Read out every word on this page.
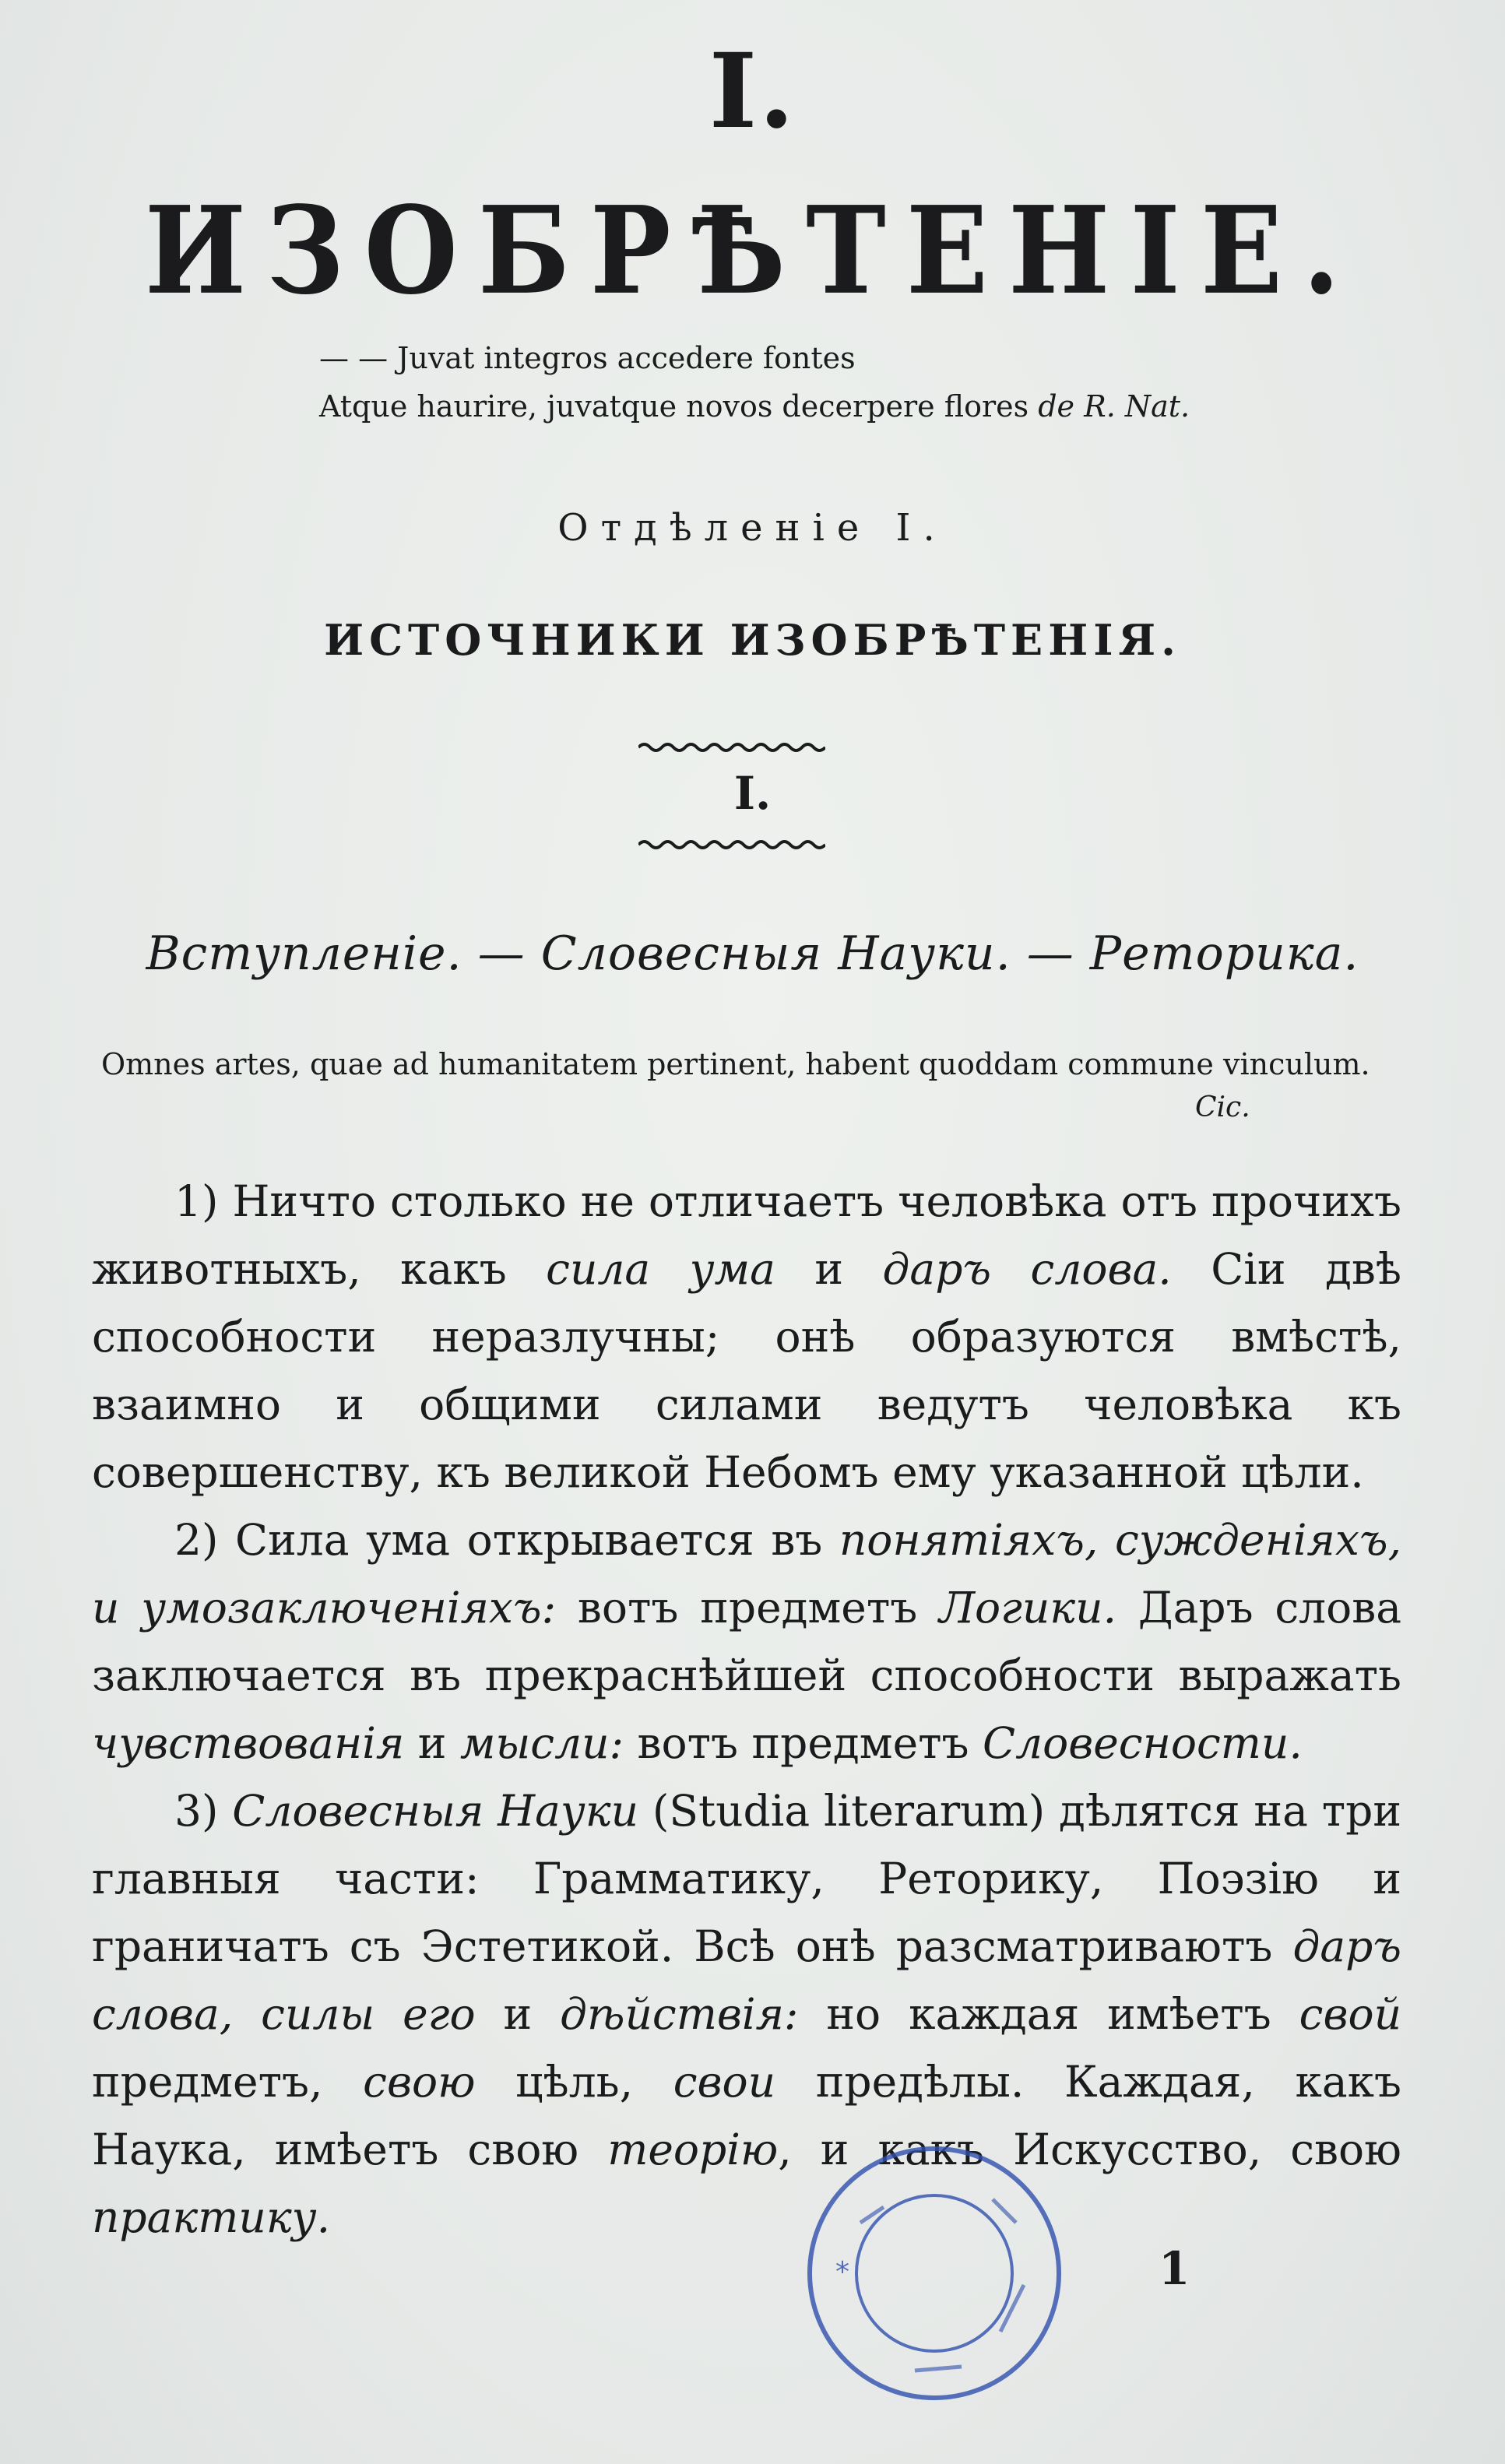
I.
ИЗОБРѢТЕНІЕ.
— — Juvat integros accedere fontes
Atque haurire, juvatque novos decerpere flores de R. Nat.
Отдѣленіе I.
ИСТОЧНИКИ ИЗОБРѢТЕНІЯ.
I.
Вступленіе. — Словесныя Науки. — Реторика.
Omnes artes, quae ad humanitatem pertinent, habent quoddam commune vinculum.
Cic.

1) Ничто столько не отличаетъ человѣка отъ прочихъ животныхъ, какъ сила ума и даръ слова. Сіи двѣ способности неразлучны; онѣ образуются вмѣстѣ, взаимно и общими силами ведутъ человѣка къ совершенству, къ великой Небомъ ему указанной цѣли.

2) Сила ума открывается въ понятіяхъ, сужденіяхъ, и умозаключеніяхъ: вотъ предметъ Логики. Даръ слова заключается въ прекраснѣйшей способности выражать чувствованія и мысли: вотъ предметъ Словесности.

3) Словесныя Науки (Studia literarum) дѣлятся на три главныя части: Грамматику, Реторику, Поэзію и граничатъ съ Эстетикой. Всѣ онѣ разсматриваютъ даръ слова, силы его и дѣйствія: но каждая имѣетъ свой предметъ, свою цѣль, свои предѣлы. Каждая, какъ Наука, имѣетъ свою теорію, и какъ Искусство, свою практику.

*	1
